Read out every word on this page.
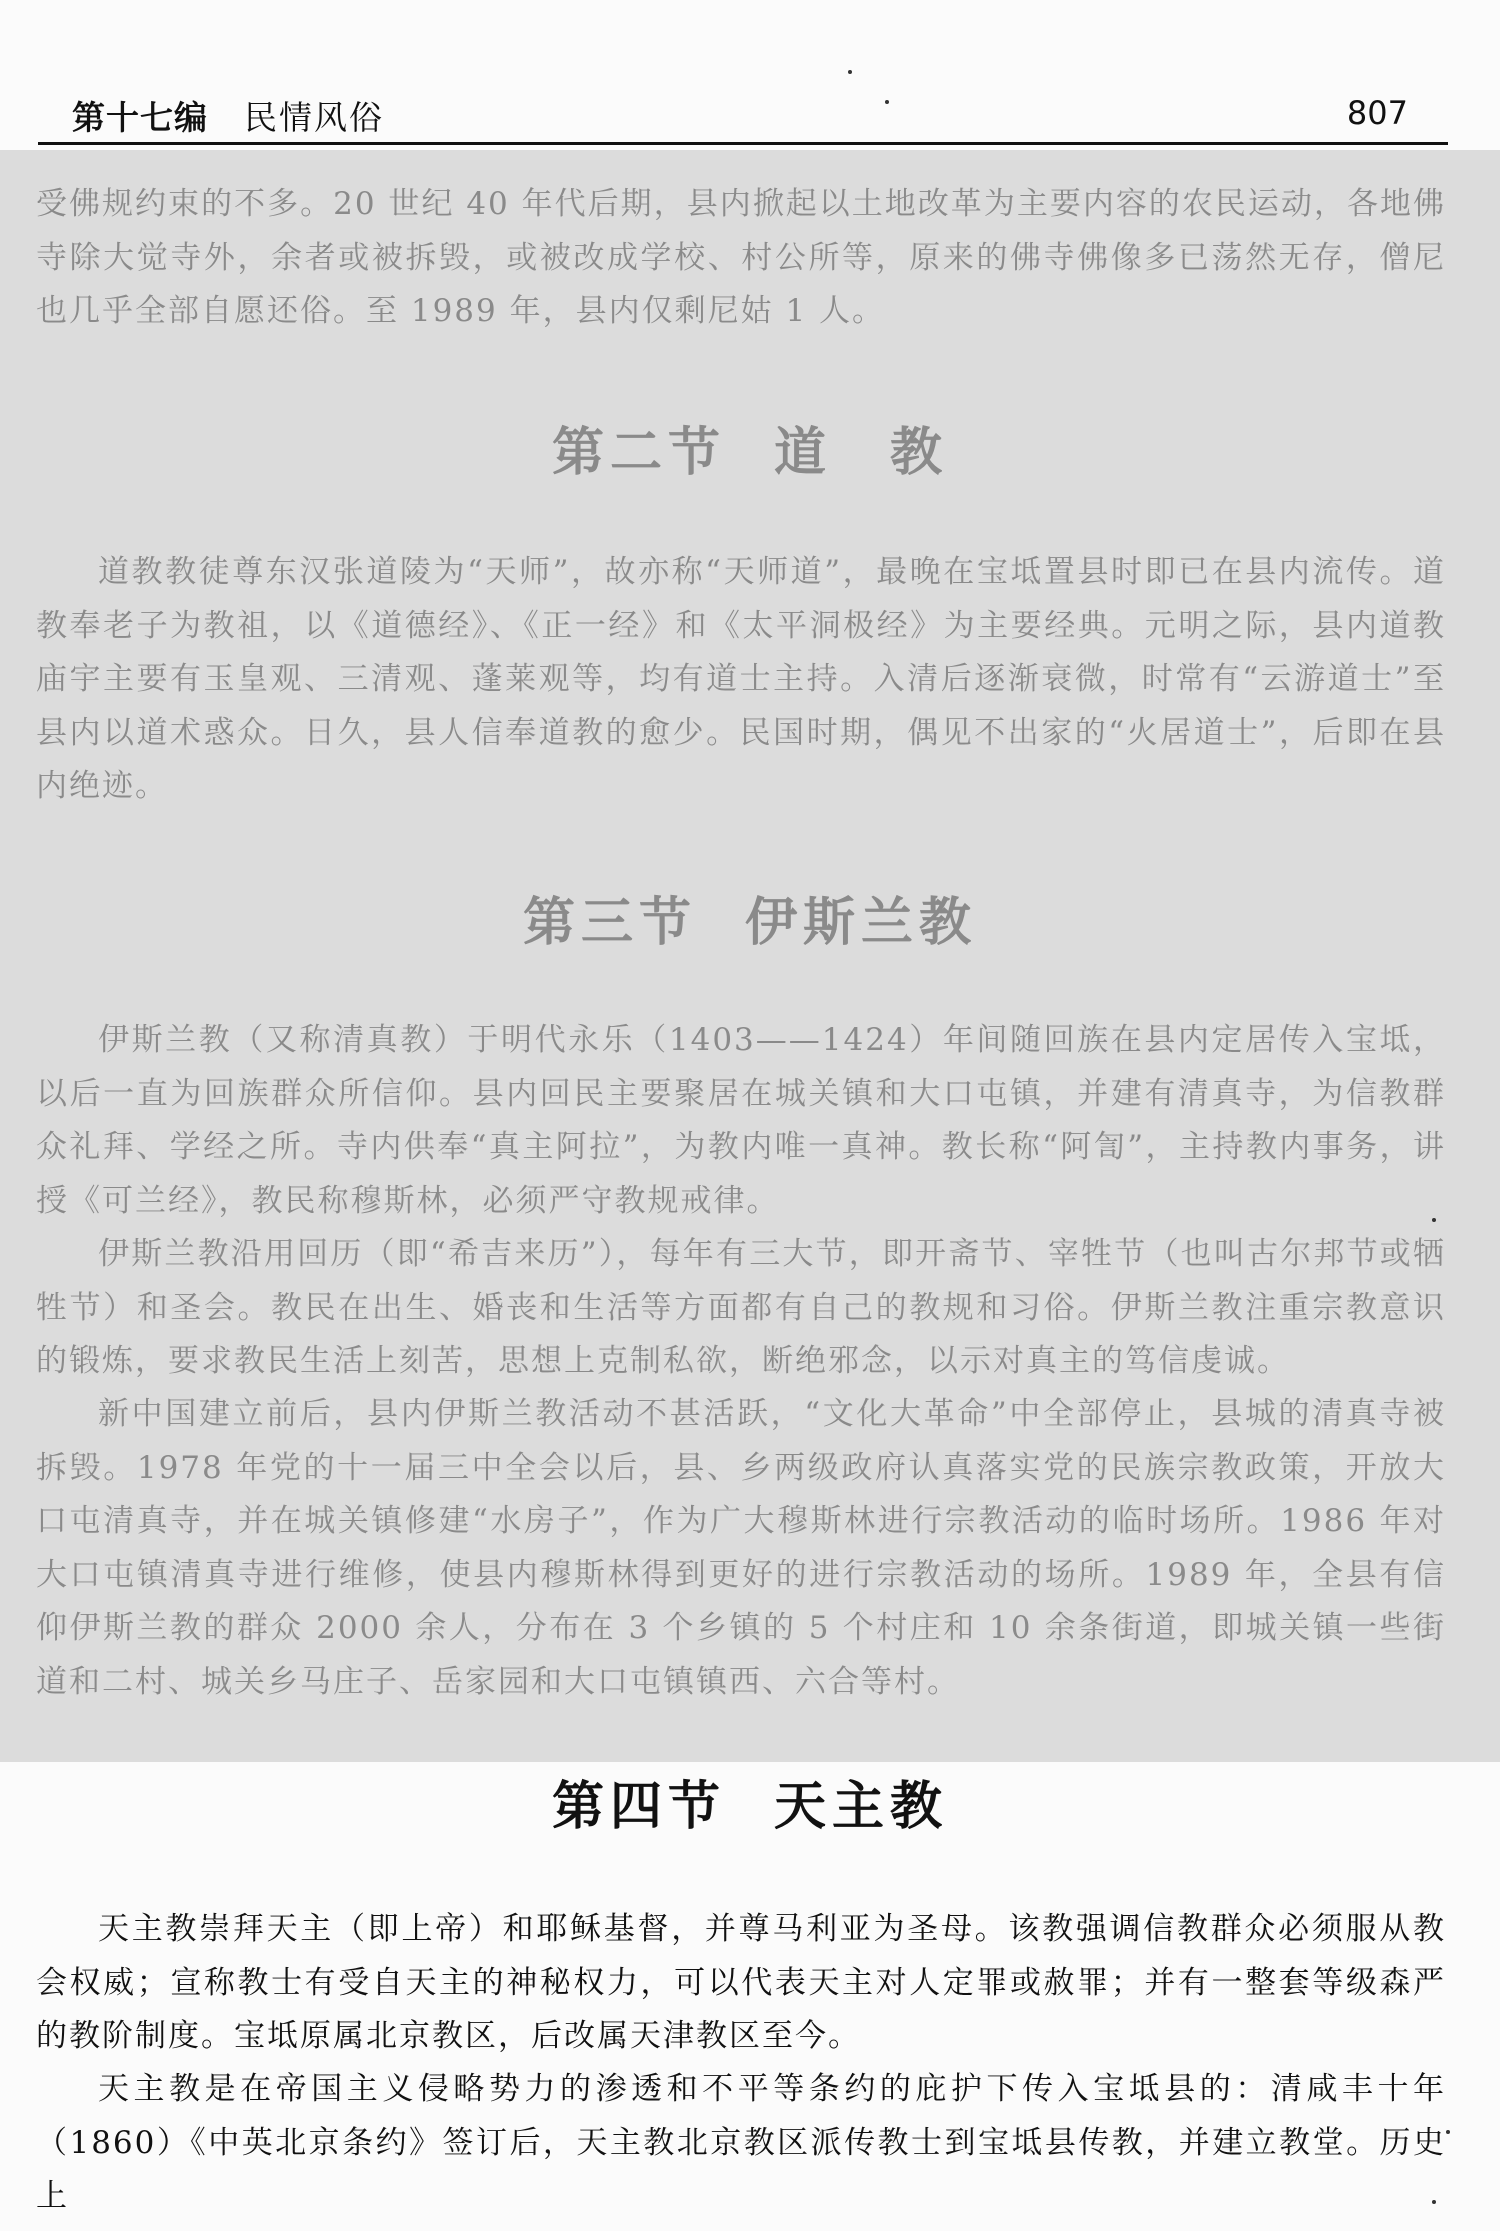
第十七编 民情风俗	807

受佛规约束的不多。20 世纪 40 年代后期，县内掀起以土地改革为主要内容的农民运动，各地佛寺除大觉寺外，余者或被拆毁，或被改成学校、村公所等，原来的佛寺佛像多已荡然无存，僧尼也几乎全部自愿还俗。至 1989 年，县内仅剩尼姑 1 人。

第二节 道　教

道教教徒尊东汉张道陵为“天师”，故亦称“天师道”，最晚在宝坻置县时即已在县内流传。道教奉老子为教祖，以《道德经》、《正一经》和《太平洞极经》为主要经典。元明之际，县内道教庙宇主要有玉皇观、三清观、蓬莱观等，均有道士主持。入清后逐渐衰微，时常有“云游道士”至县内以道术惑众。日久，县人信奉道教的愈少。民国时期，偶见不出家的“火居道士”，后即在县内绝迹。

第三节 伊斯兰教

伊斯兰教（又称清真教）于明代永乐（1403——1424）年间随回族在县内定居传入宝坻，以后一直为回族群众所信仰。县内回民主要聚居在城关镇和大口屯镇，并建有清真寺，为信教群众礼拜、学经之所。寺内供奉“真主阿拉”，为教内唯一真神。教长称“阿訇”，主持教内事务，讲授《可兰经》，教民称穆斯林，必须严守教规戒律。

伊斯兰教沿用回历（即“希吉来历”），每年有三大节，即开斋节、宰牲节（也叫古尔邦节或牺牲节）和圣会。教民在出生、婚丧和生活等方面都有自己的教规和习俗。伊斯兰教注重宗教意识的锻炼，要求教民生活上刻苦，思想上克制私欲，断绝邪念，以示对真主的笃信虔诚。

新中国建立前后，县内伊斯兰教活动不甚活跃，“文化大革命”中全部停止，县城的清真寺被拆毁。1978 年党的十一届三中全会以后，县、乡两级政府认真落实党的民族宗教政策，开放大口屯清真寺，并在城关镇修建“水房子”，作为广大穆斯林进行宗教活动的临时场所。1986 年对大口屯镇清真寺进行维修，使县内穆斯林得到更好的进行宗教活动的场所。1989 年，全县有信仰伊斯兰教的群众 2000 余人，分布在 3 个乡镇的 5 个村庄和 10 余条街道，即城关镇一些街道和二村、城关乡马庄子、岳家园和大口屯镇镇西、六合等村。

第四节 天主教

天主教崇拜天主（即上帝）和耶稣基督，并尊马利亚为圣母。该教强调信教群众必须服从教会权威；宣称教士有受自天主的神秘权力，可以代表天主对人定罪或赦罪；并有一整套等级森严的教阶制度。宝坻原属北京教区，后改属天津教区至今。

天主教是在帝国主义侵略势力的渗透和不平等条约的庇护下传入宝坻县的：清咸丰十年（1860）《中英北京条约》签订后，天主教北京教区派传教士到宝坻县传教，并建立教堂。历史上
